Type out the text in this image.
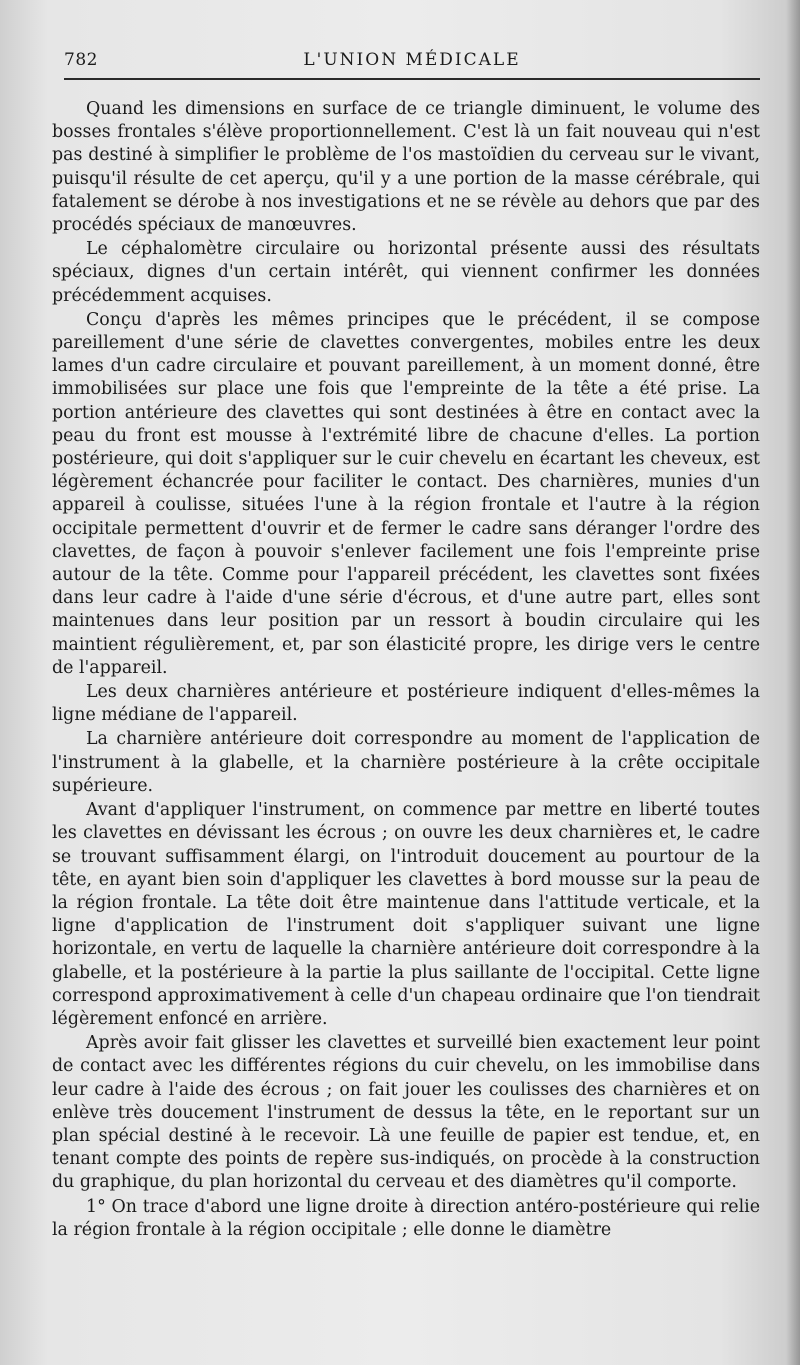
782	L'UNION MÉDICALE

Quand les dimensions en surface de ce triangle diminuent, le volume des bosses frontales s'élève proportionnellement. C'est là un fait nouveau qui n'est pas destiné à simplifier le problème de l'os mastoïdien du cerveau sur le vivant, puisqu'il résulte de cet aperçu, qu'il y a une portion de la masse cérébrale, qui fatalement se dérobe à nos investigations et ne se révèle au dehors que par des procédés spéciaux de manœuvres.

Le céphalomètre circulaire ou horizontal présente aussi des résultats spéciaux, dignes d'un certain intérêt, qui viennent confirmer les données précédemment acquises.

Conçu d'après les mêmes principes que le précédent, il se compose pareillement d'une série de clavettes convergentes, mobiles entre les deux lames d'un cadre circulaire et pouvant pareillement, à un moment donné, être immobilisées sur place une fois que l'empreinte de la tête a été prise. La portion antérieure des clavettes qui sont destinées à être en contact avec la peau du front est mousse à l'extrémité libre de chacune d'elles. La portion postérieure, qui doit s'appliquer sur le cuir chevelu en écartant les cheveux, est légèrement échancrée pour faciliter le contact. Des charnières, munies d'un appareil à coulisse, situées l'une à la région frontale et l'autre à la région occipitale permettent d'ouvrir et de fermer le cadre sans déranger l'ordre des clavettes, de façon à pouvoir s'enlever facilement une fois l'empreinte prise autour de la tête. Comme pour l'appareil précédent, les clavettes sont fixées dans leur cadre à l'aide d'une série d'écrous, et d'une autre part, elles sont maintenues dans leur position par un ressort à boudin circulaire qui les maintient régulièrement, et, par son élasticité propre, les dirige vers le centre de l'appareil.

Les deux charnières antérieure et postérieure indiquent d'elles-mêmes la ligne médiane de l'appareil.

La charnière antérieure doit correspondre au moment de l'application de l'instrument à la glabelle, et la charnière postérieure à la crête occipitale supérieure.

Avant d'appliquer l'instrument, on commence par mettre en liberté toutes les clavettes en dévissant les écrous ; on ouvre les deux charnières et, le cadre se trouvant suffisamment élargi, on l'introduit doucement au pourtour de la tête, en ayant bien soin d'appliquer les clavettes à bord mousse sur la peau de la région frontale. La tête doit être maintenue dans l'attitude verticale, et la ligne d'application de l'instrument doit s'appliquer suivant une ligne horizontale, en vertu de laquelle la charnière antérieure doit correspondre à la glabelle, et la postérieure à la partie la plus saillante de l'occipital. Cette ligne correspond approximativement à celle d'un chapeau ordinaire que l'on tiendrait légèrement enfoncé en arrière.

Après avoir fait glisser les clavettes et surveillé bien exactement leur point de contact avec les différentes régions du cuir chevelu, on les immobilise dans leur cadre à l'aide des écrous ; on fait jouer les coulisses des charnières et on enlève très doucement l'instrument de dessus la tête, en le reportant sur un plan spécial destiné à le recevoir. Là une feuille de papier est tendue, et, en tenant compte des points de repère sus-indiqués, on procède à la construction du graphique, du plan horizontal du cerveau et des diamètres qu'il comporte.

1° On trace d'abord une ligne droite à direction antéro-postérieure qui relie la région frontale à la région occipitale ; elle donne le diamètre
